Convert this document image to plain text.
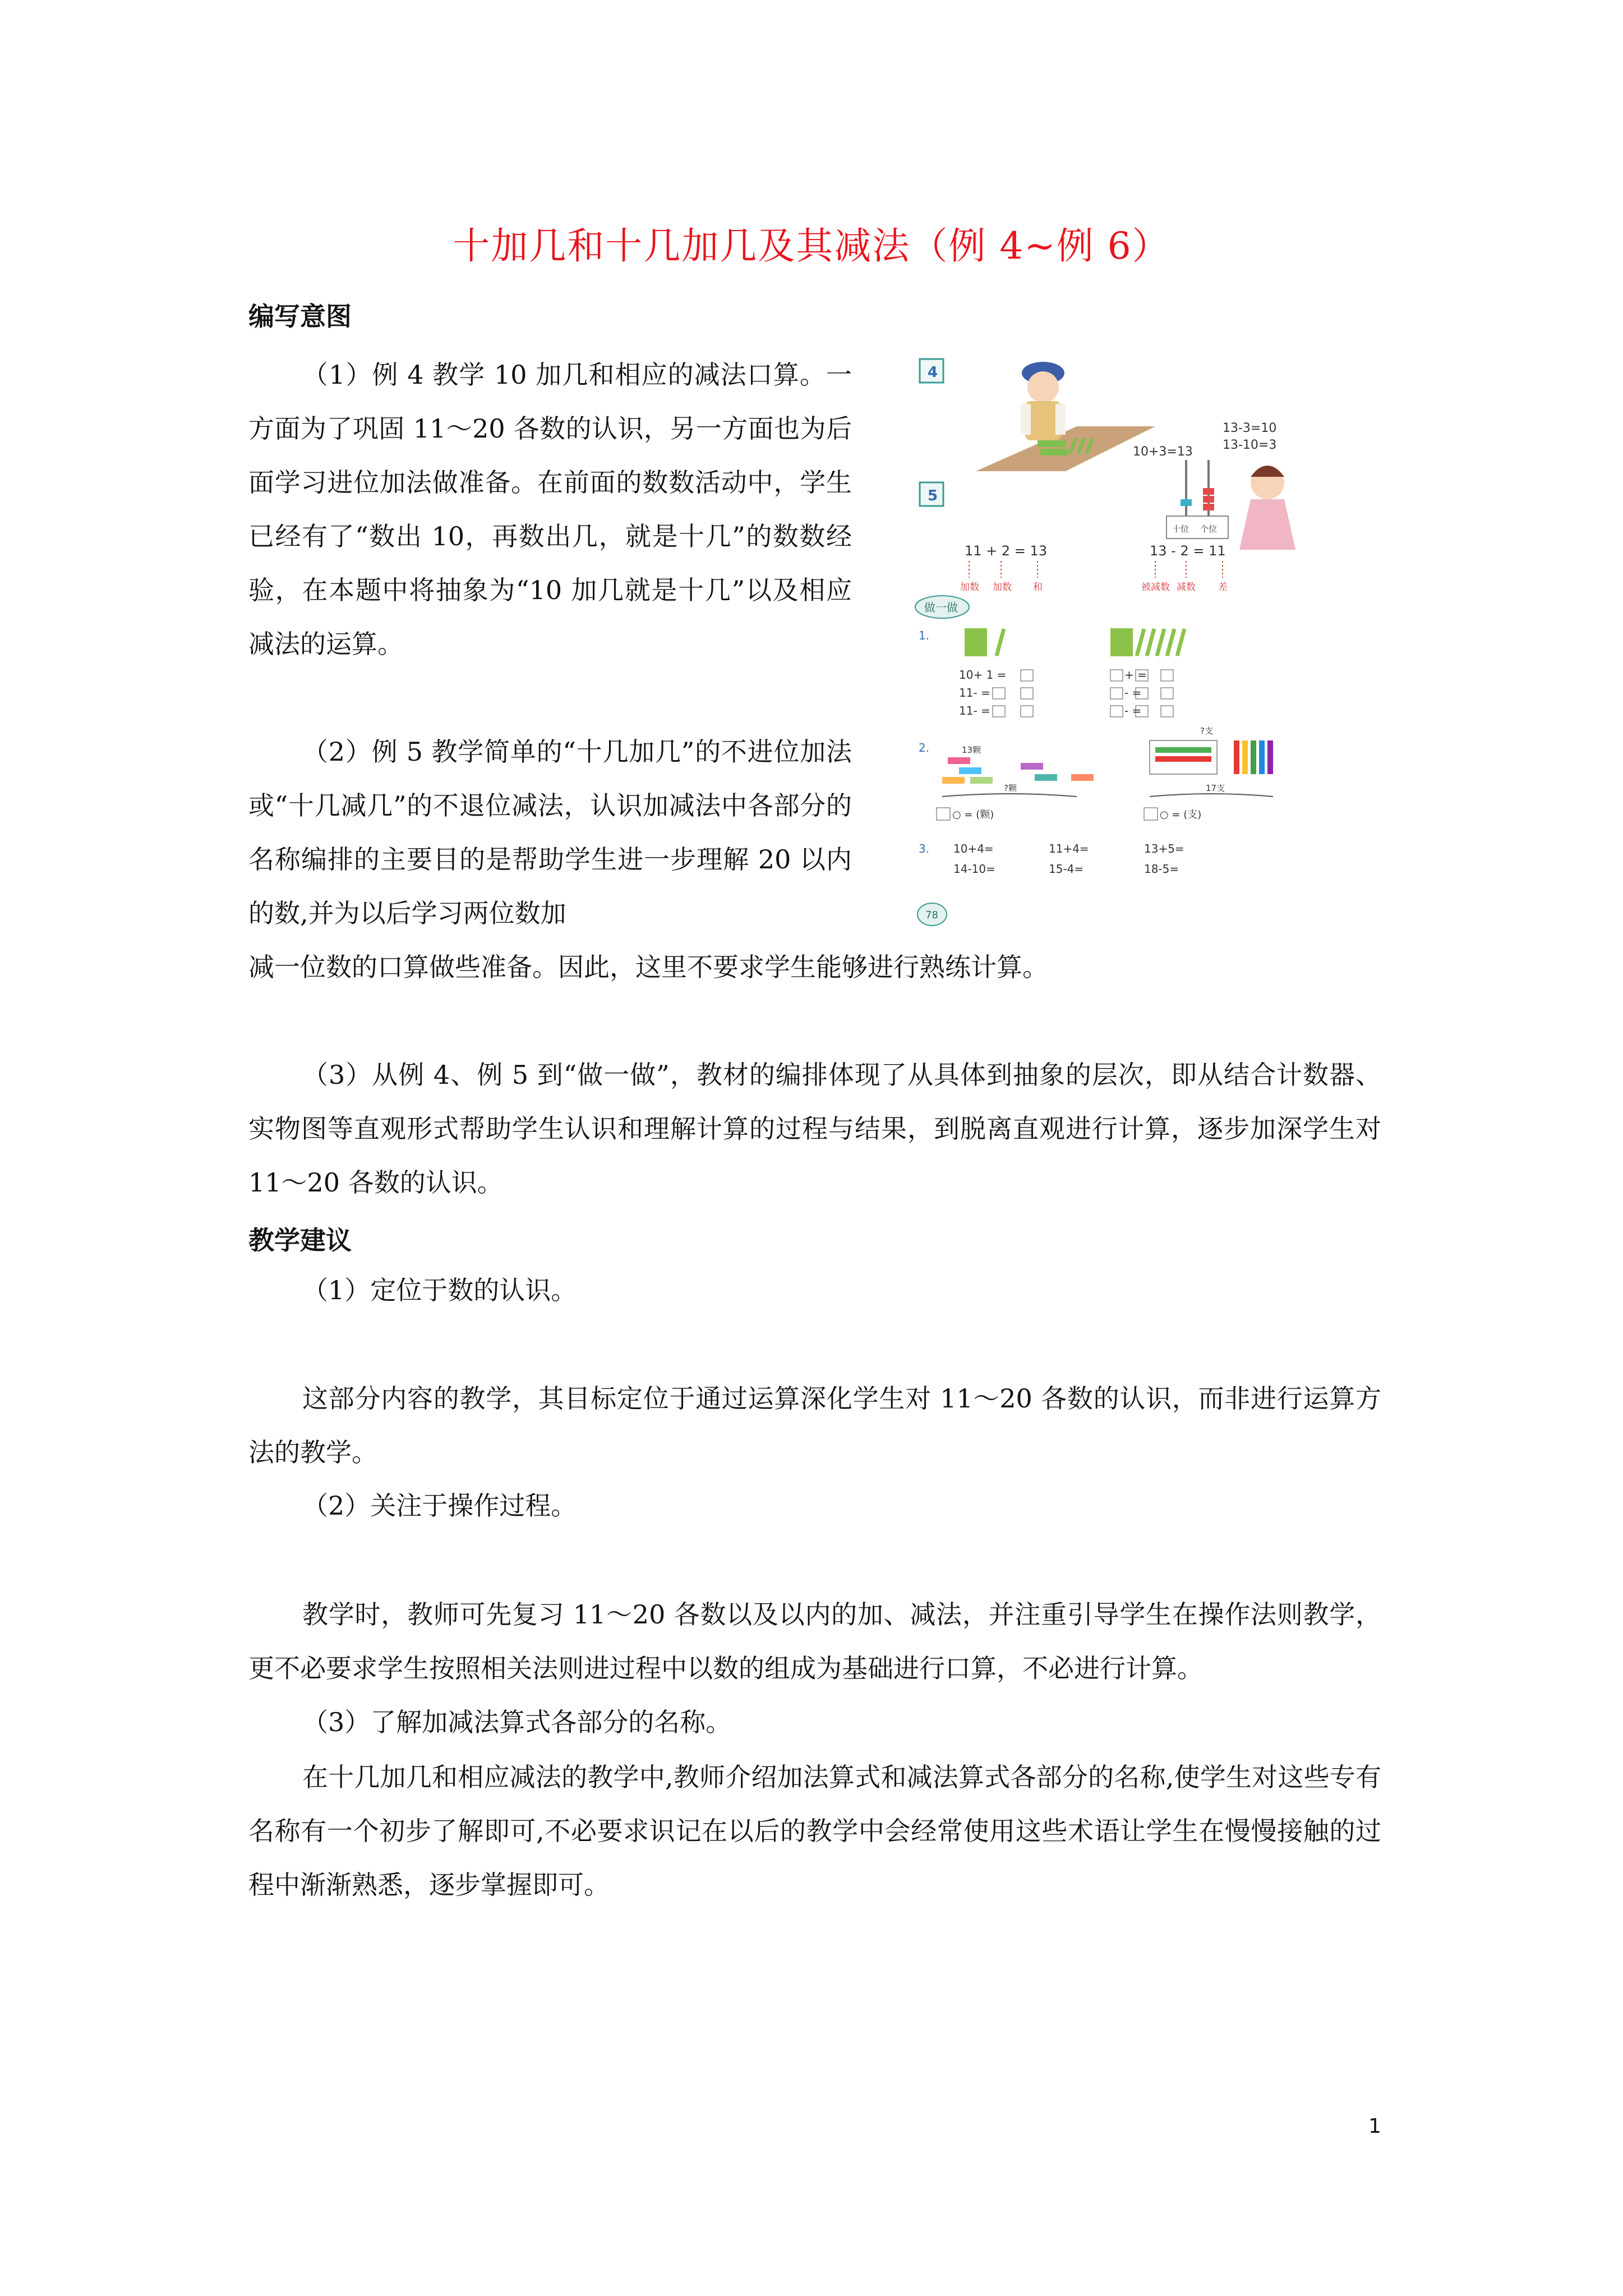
十加几和十几加几及其减法（例 4~例 6）
编写意图

（1）例 4 教学 10 加几和相应的减法口算。一方面为了巩固 11～20 各数的认识，另一方面也为后面学习进位加法做准备。在前面的数数活动中，学生已经有了“数出 10，再数出几，就是十几”的数数经验，在本题中将抽象为“10 加几就是十几”以及相应减法的运算。

（2）例 5 教学简单的“十几加几”的不进位加法或“十几减几”的不退位减法，认识加减法中各部分的名称编排的主要目的是帮助学生进一步理解 20 以内的数,并为以后学习两位数加

减一位数的口算做些准备。因此，这里不要求学生能够进行熟练计算。

（3）从例 4、例 5 到“做一做”，教材的编排体现了从具体到抽象的层次，即从结合计数器、实物图等直观形式帮助学生认识和理解计算的过程与结果，到脱离直观进行计算，逐步加深学生对 11～20 各数的认识。

教学建议

（1）定位于数的认识。

这部分内容的教学，其目标定位于通过运算深化学生对 11～20 各数的认识，而非进行运算方法的教学。

（2）关注于操作过程。

教学时，教师可先复习 11～20 各数以及以内的加、减法，并注重引导学生在操作法则教学，更不必要求学生按照相关法则进过程中以数的组成为基础进行口算，不必进行计算。

（3）了解加减法算式各部分的名称。

在十几加几和相应减法的教学中,教师介绍加法算式和减法算式各部分的名称,使学生对这些专有名称有一个初步了解即可,不必要求识记在以后的教学中会经常使用这些术语让学生在慢慢接触的过程中渐渐熟悉，逐步掌握即可。

1
4
10+3=13
13-3=10
13-10=3
5
十位 个位
11 + 2 = 13	13 - 2 = 11
加数 加数 和	被减数 减数 差
做一做
1.
10+ 1 =
11- =
11- =
+ =
- =
- =
2.	13颗
?颗
○ = (颗)
?支
17支
○ = (支)
3. 10+4=	11+4=	13+5=
14-10=	15-4=	18-5=
78
